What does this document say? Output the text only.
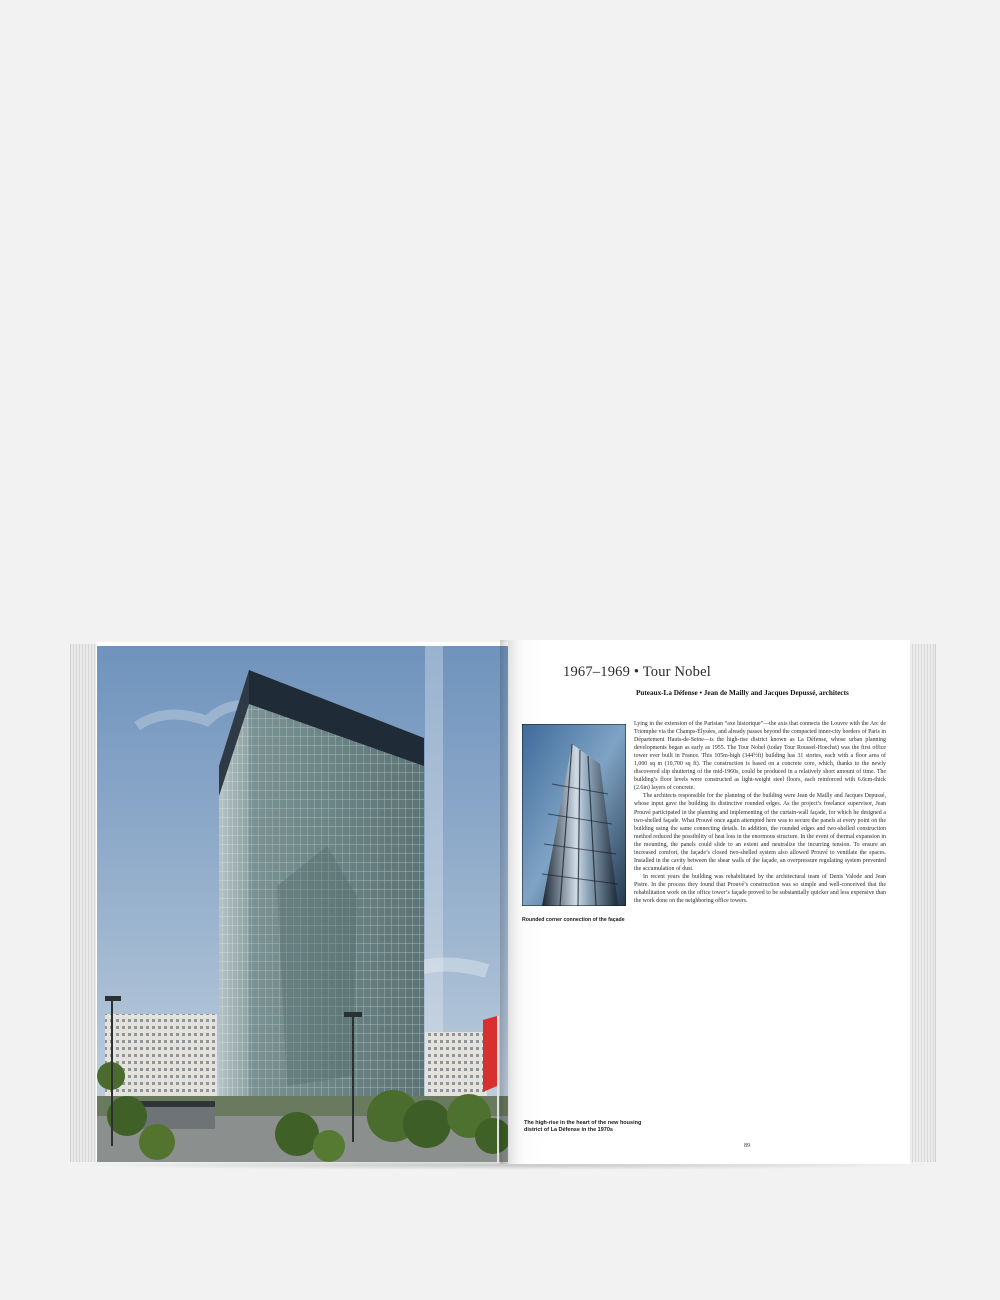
The high-rise in the heart of the new housing district of La Défense in the 1970s
1967–1969 • Tour Nobel
Puteaux-La Défense • Jean de Mailly and Jacques Depussé, architects
Rounded corner connection of the façade

Lying in the extension of the Parisian “axe historique”—the axis that connects the Louvre with the Arc de Triomphe via the Champs-Élysées, and already passes beyond the compacted inner-city borders of Paris in Département Hauts-de-Seine—is the high-rise district known as La Défense, whose urban planning developments began as early as 1955. The Tour Nobel (today Tour Roussel-Hoechst) was the first office tower ever built in France. This 105m-high (344½ft) building has 31 stories, each with a floor area of 1,000 sq m (10,700 sq ft). The construction is based on a concrete core, which, thanks to the newly discovered slip shuttering of the mid-1960s, could be produced in a relatively short amount of time. The building’s floor levels were constructed as light-weight steel floors, each reinforced with 6.6cm-thick (2.6in) layers of concrete.

The architects responsible for the planning of the building were Jean de Mailly and Jacques Depussé, whose input gave the building its distinctive rounded edges. As the project’s freelance supervisor, Jean Prouvé participated in the planning and implementing of the curtain-wall façade, for which he designed a two-shelled façade. What Prouvé once again attempted here was to secure the panels at every point on the building using the same connecting details. In addition, the rounded edges and two-shelled construction method reduced the possibility of heat loss in the enormous structure. In the event of thermal expansion in the mounting, the panels could slide to an extent and neutralize the incurring tension. To ensure an increased comfort, the façade’s closed two-shelled system also allowed Prouvé to ventilate the spaces. Installed in the cavity between the shear walls of the façade, an overpressure regulating system prevented the accumulation of dust.

In recent years the building was rehabilitated by the architectural team of Denis Valode and Jean Pistre. In the process they found that Prouvé’s construction was so simple and well-conceived that the rehabilitation work on the office tower’s façade proved to be substantially quicker and less expensive than the work done on the neighboring office towers.

89
